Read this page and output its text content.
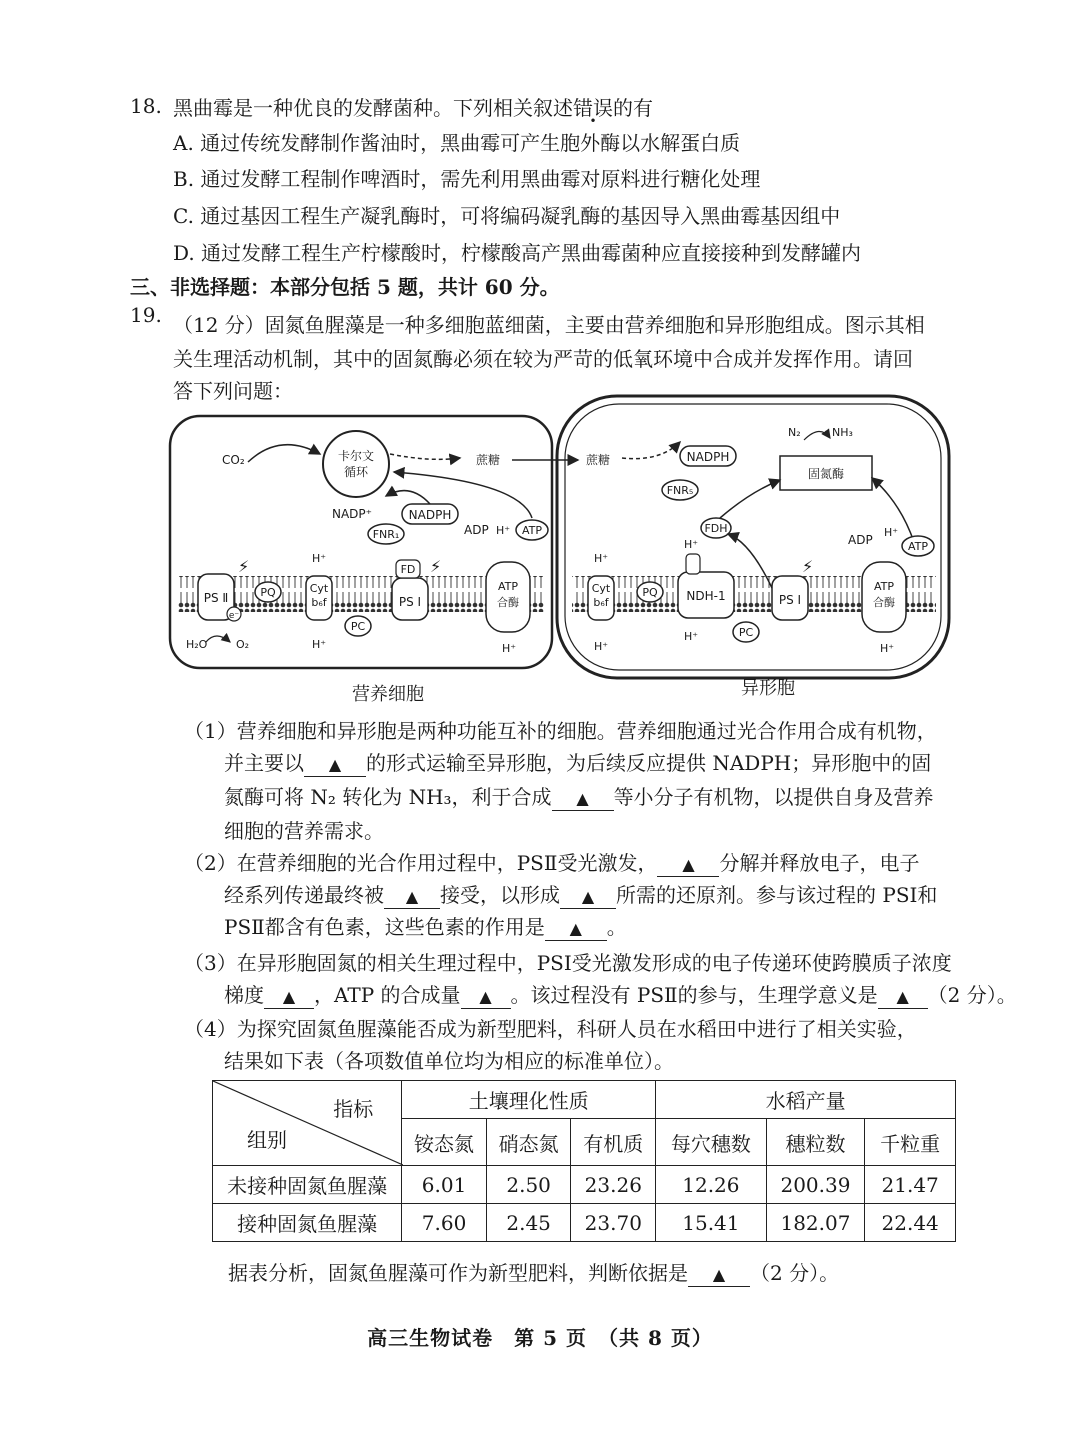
18. 黑曲霉是一种优良的发酵菌种。下列相关叙述错误的有
A. 通过传统发酵制作酱油时，黑曲霉可产生胞外酶以水解蛋白质
B. 通过发酵工程制作啤酒时，需先利用黑曲霉对原料进行糖化处理
C. 通过基因工程生产凝乳酶时，可将编码凝乳酶的基因导入黑曲霉基因组中
D. 通过发酵工程生产柠檬酸时，柠檬酸高产黑曲霉菌种应直接接种到发酵罐内
三、非选择题：本部分包括 5 题，共计 60 分。
19. （12 分）固氮鱼腥藻是一种多细胞蓝细菌，主要由营养细胞和异形胞组成。图示其相
关生理活动机制，其中的固氮酶必须在较为严苛的低氧环境中合成并发挥作用。请回
答下列问题：
卡尔文
循环
CO₂	蔗糖
NADP⁺	NADPH
FNR₁	ADP H⁺ ATP
PS Ⅱ
⚡
e⁻
PQ	Cyt
b₆f
H⁺
H⁺
PC
PS Ⅰ
FD ⚡
ATP
合酶
H⁺
H₂O	O₂
蔗糖	NADPH
FNR₅
FDH
固氮酶
N₂	NH₃
ADP
H⁺
ATP
Cyt
b₆f
H⁺
H⁺
PQ NDH-1
H⁺
H⁺	PC
PS Ⅰ
⚡
ATP
合酶
H⁺
营养细胞	异形胞
（1）营养细胞和异形胞是两种功能互补的细胞。营养细胞通过光合作用合成有机物，
并主要以 ▲ 的形式运输至异形胞，为后续反应提供 NADPH；异形胞中的固
氮酶可将 N₂ 转化为 NH₃，利于合成 ▲ 等小分子有机物，以提供自身及营养
细胞的营养需求。
（2）在营养细胞的光合作用过程中，PSⅡ受光激发， ▲ 分解并释放电子，电子
经系列传递最终被 ▲ 接受，以形成 ▲ 所需的还原剂。参与该过程的 PSⅠ和
PSⅡ都含有色素，这些色素的作用是 ▲ 。
（3）在异形胞固氮的相关生理过程中，PSⅠ受光激发形成的电子传递环使跨膜质子浓度
梯度 ▲ ，ATP 的合成量 ▲ 。该过程没有 PSⅡ的参与，生理学意义是 ▲ （2 分）。
（4）为探究固氮鱼腥藻能否成为新型肥料，科研人员在水稻田中进行了相关实验，
结果如下表（各项数值单位均为相应的标准单位）。
指标
组别	土壤理化性质			水稻产量		
	铵态氮	硝态氮	有机质	每穴穗数	穗粒数	千粒重
未接种固氮鱼腥藻	6.01	2.50	23.26	12.26	200.39	21.47
接种固氮鱼腥藻	7.60	2.45	23.70	15.41	182.07	22.44
据表分析，固氮鱼腥藻可作为新型肥料，判断依据是 ▲ （2 分）。
高三生物试卷　第 5 页　（共 8 页）
